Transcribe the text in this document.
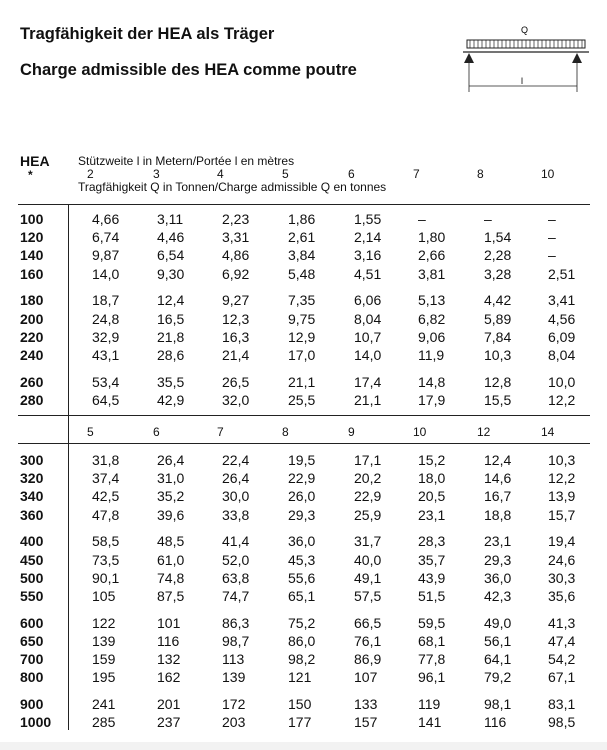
Tragfähigkeit der HEA als Träger
Charge admissible des HEA comme poutre
Q
l
HEA
*
Stützweite l in Metern/Portée l en mètres
2	3	4	5	6	7	8	10
Tragfähigkeit Q in Tonnen/Charge admissible Q en tonnes
100	4,66	3,11	2,23	1,86	1,55	–	–	–
120	6,74	4,46	3,31	2,61	2,14	1,80	1,54	–
140	9,87	6,54	4,86	3,84	3,16	2,66	2,28	–
160	14,0	9,30	6,92	5,48	4,51	3,81	3,28	2,51
180	18,7	12,4	9,27	7,35	6,06	5,13	4,42	3,41
200	24,8	16,5	12,3	9,75	8,04	6,82	5,89	4,56
220	32,9	21,8	16,3	12,9	10,7	9,06	7,84	6,09
240	43,1	28,6	21,4	17,0	14,0	11,9	10,3	8,04
260	53,4	35,5	26,5	21,1	17,4	14,8	12,8	10,0
280	64,5	42,9	32,0	25,5	21,1	17,9	15,5	12,2
5	6	7	8	9	10	12	14
300	31,8	26,4	22,4	19,5	17,1	15,2	12,4	10,3
320	37,4	31,0	26,4	22,9	20,2	18,0	14,6	12,2
340	42,5	35,2	30,0	26,0	22,9	20,5	16,7	13,9
360	47,8	39,6	33,8	29,3	25,9	23,1	18,8	15,7
400	58,5	48,5	41,4	36,0	31,7	28,3	23,1	19,4
450	73,5	61,0	52,0	45,3	40,0	35,7	29,3	24,6
500	90,1	74,8	63,8	55,6	49,1	43,9	36,0	30,3
550	105	87,5	74,7	65,1	57,5	51,5	42,3	35,6
600	122	101	86,3	75,2	66,5	59,5	49,0	41,3
650	139	116	98,7	86,0	76,1	68,1	56,1	47,4
700	159	132	113	98,2	86,9	77,8	64,1	54,2
800	195	162	139	121	107	96,1	79,2	67,1
900	241	201	172	150	133	119	98,1	83,1
1000	285	237	203	177	157	141	116	98,5
